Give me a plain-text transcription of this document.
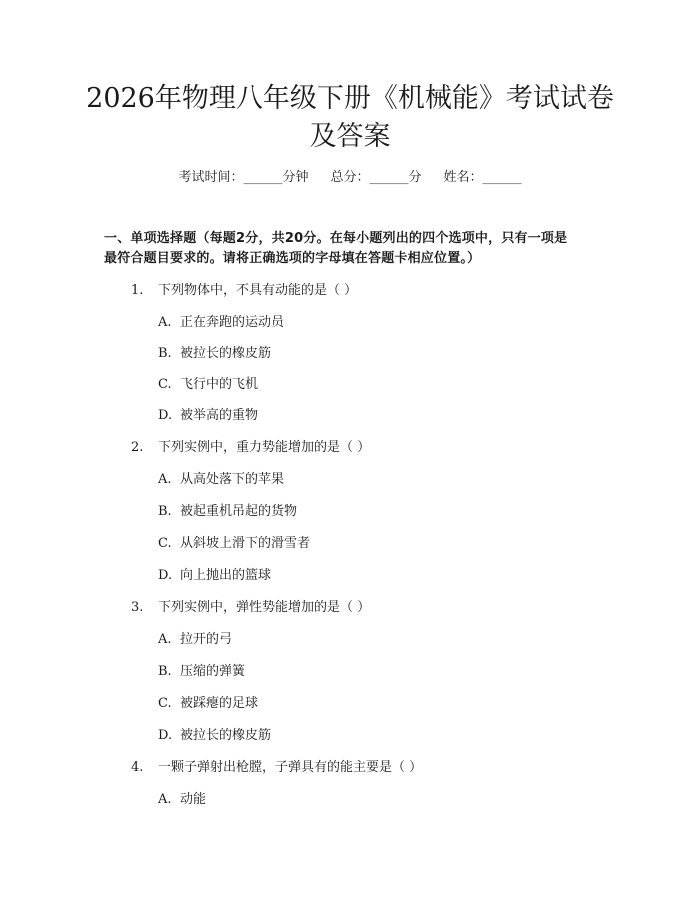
2026年物理八年级下册《机械能》考试试卷
及答案
考试时间：______分钟 总分：______分 姓名：______
一、单项选择题（每题2分，共20分。在每小题列出的四个选项中，只有一项是
最符合题目要求的。请将正确选项的字母填在答题卡相应位置。）
1. 下列物体中，不具有动能的是（ ）
A. 正在奔跑的运动员
B. 被拉长的橡皮筋
C. 飞行中的飞机
D. 被举高的重物
2. 下列实例中，重力势能增加的是（ ）
A. 从高处落下的苹果
B. 被起重机吊起的货物
C. 从斜坡上滑下的滑雪者
D. 向上抛出的篮球
3. 下列实例中，弹性势能增加的是（ ）
A. 拉开的弓
B. 压缩的弹簧
C. 被踩瘪的足球
D. 被拉长的橡皮筋
4. 一颗子弹射出枪膛，子弹具有的能主要是（ ）
A. 动能
